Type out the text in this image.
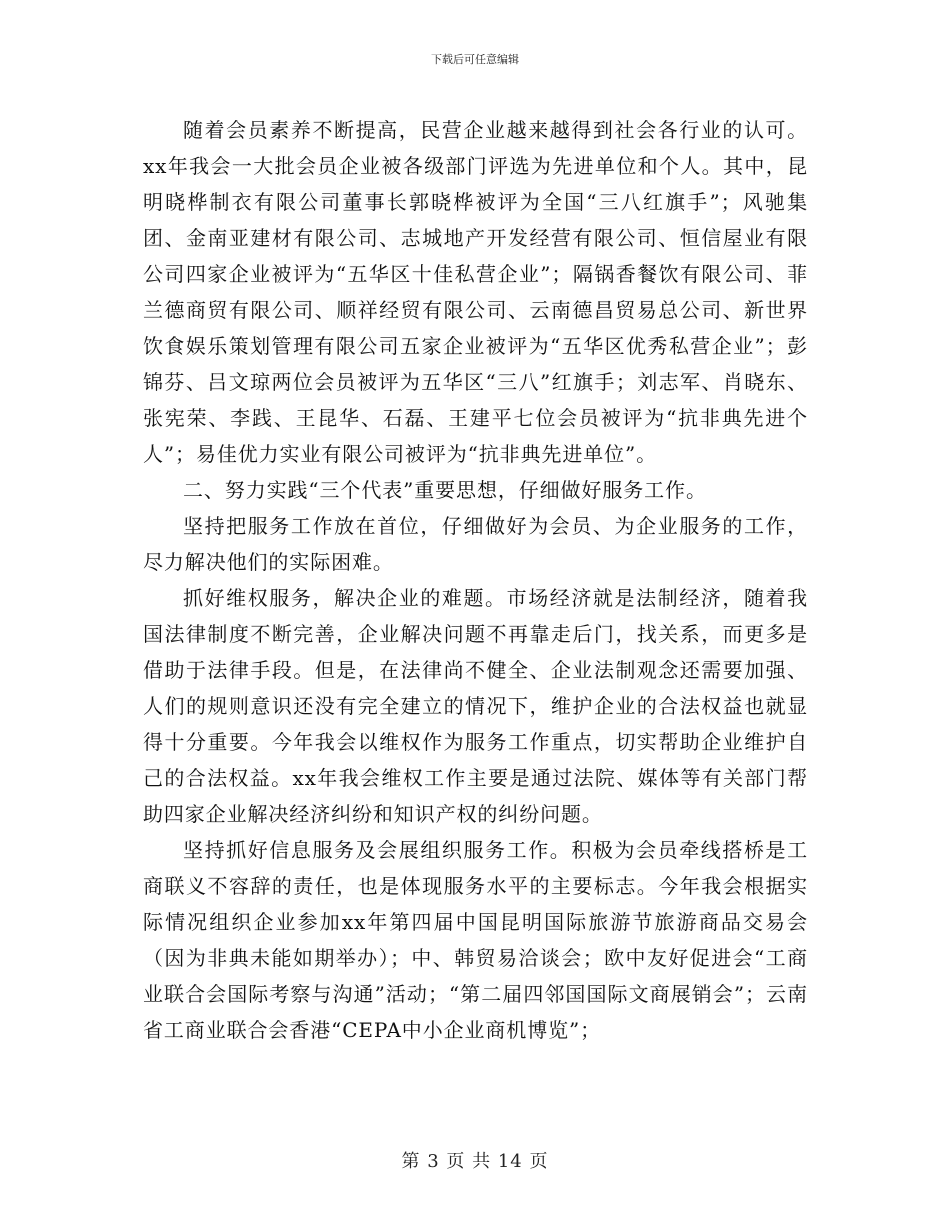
下载后可任意编辑

随着会员素养不断提高，民营企业越来越得到社会各行业的认可。xx年我会一大批会员企业被各级部门评选为先进单位和个人。其中，昆明晓桦制衣有限公司董事长郭晓桦被评为全国“三八红旗手”；风驰集团、金南亚建材有限公司、志城地产开发经营有限公司、恒信屋业有限公司四家企业被评为“五华区十佳私营企业”；隔锅香餐饮有限公司、菲兰德商贸有限公司、顺祥经贸有限公司、云南德昌贸易总公司、新世界饮食娱乐策划管理有限公司五家企业被评为“五华区优秀私营企业”；彭锦芬、吕文琼两位会员被评为五华区“三八”红旗手；刘志军、肖晓东、张宪荣、李践、王昆华、石磊、王建平七位会员被评为“抗非典先进个人”；易佳优力实业有限公司被评为“抗非典先进单位”。

二、努力实践“三个代表”重要思想，仔细做好服务工作。

坚持把服务工作放在首位，仔细做好为会员、为企业服务的工作，尽力解决他们的实际困难。

抓好维权服务，解决企业的难题。市场经济就是法制经济，随着我国法律制度不断完善，企业解决问题不再靠走后门，找关系，而更多是借助于法律手段。但是，在法律尚不健全、企业法制观念还需要加强、人们的规则意识还没有完全建立的情况下，维护企业的合法权益也就显得十分重要。今年我会以维权作为服务工作重点，切实帮助企业维护自己的合法权益。xx年我会维权工作主要是通过法院、媒体等有关部门帮助四家企业解决经济纠纷和知识产权的纠纷问题。

坚持抓好信息服务及会展组织服务工作。积极为会员牵线搭桥是工商联义不容辞的责任，也是体现服务水平的主要标志。今年我会根据实际情况组织企业参加xx年第四届中国昆明国际旅游节旅游商品交易会（因为非典未能如期举办）；中、韩贸易洽谈会；欧中友好促进会“工商业联合会国际考察与沟通”活动；“第二届四邻国国际文商展销会”；云南省工商业联合会香港“CEPA中小企业商机博览”；

第 3 页 共 14 页
